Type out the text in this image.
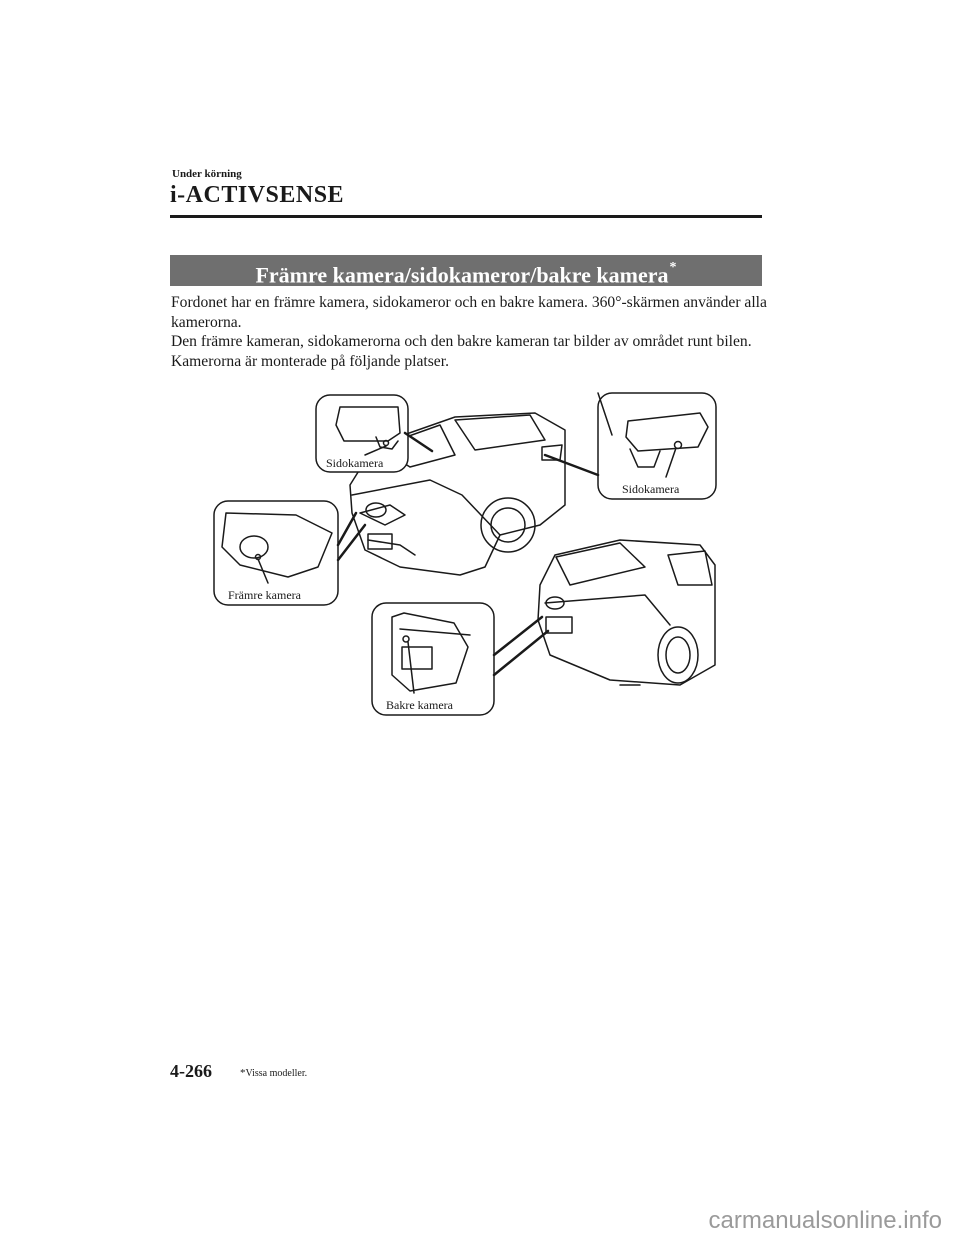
Under körning
i-ACTIVSENSE
Främre kamera/sidokameror/bakre kamera*

Fordonet har en främre kamera, sidokameror och en bakre kamera. 360°-skärmen använder alla kamerorna.

Den främre kameran, sidokamerorna och den bakre kameran tar bilder av området runt bilen.

Kamerorna är monterade på följande platser.

Sidokamera
Sidokamera
Främre kamera
Bakre kamera
4-266	*Vissa modeller.
carmanualsonline.info
